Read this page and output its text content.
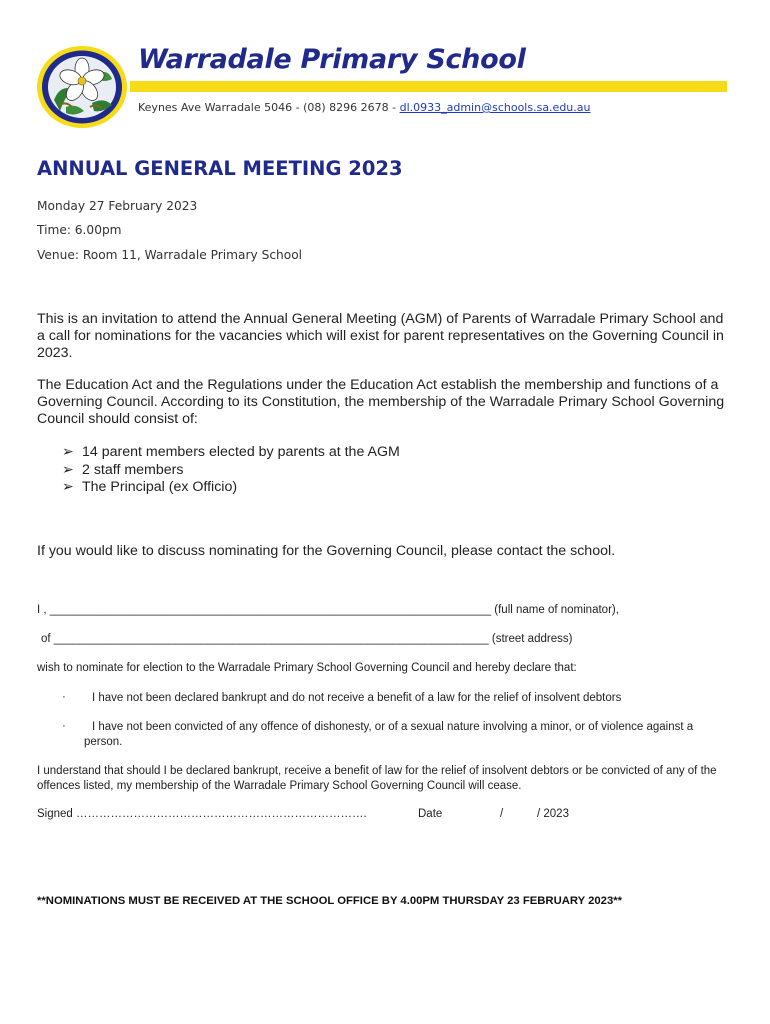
Warradale Primary School
Keynes Ave Warradale 5046 - (08) 8296 2678 - dl.0933_admin@schools.sa.edu.au
ANNUAL GENERAL MEETING 2023
Monday 27 February 2023
Time: 6.00pm
Venue: Room 11, Warradale Primary School
This is an invitation to attend the Annual General Meeting (AGM) of Parents of Warradale Primary School and a call for nominations for the vacancies which will exist for parent representatives on the Governing Council in 2023.
The Education Act and the Regulations under the Education Act establish the membership and functions of a Governing Council. According to its Constitution, the membership of the Warradale Primary School Governing Council should consist of:
➢ 14 parent members elected by parents at the AGM
➢ 2 staff members
➢ The Principal (ex Officio)
If you would like to discuss nominating for the Governing Council, please contact the school.
I , _____________________________________________________________________ (full name of nominator),
of ____________________________________________________________________ (street address)
wish to nominate for election to the Warradale Primary School Governing Council and hereby declare that:
· I have not been declared bankrupt and do not receive a benefit of a law for the relief of insolvent debtors
·	I have not been convicted of any offence of dishonesty, or of a sexual nature involving a minor, or of violence against a person.
I understand that should I be declared bankrupt, receive a benefit of law for the relief of insolvent debtors or be convicted of any of the offences listed, my membership of the Warradale Primary School Governing Council will cease.
Signed ………………………………………………………………….	Date	/	/ 2023
**NOMINATIONS MUST BE RECEIVED AT THE SCHOOL OFFICE BY 4.00PM THURSDAY 23 FEBRUARY 2023**
